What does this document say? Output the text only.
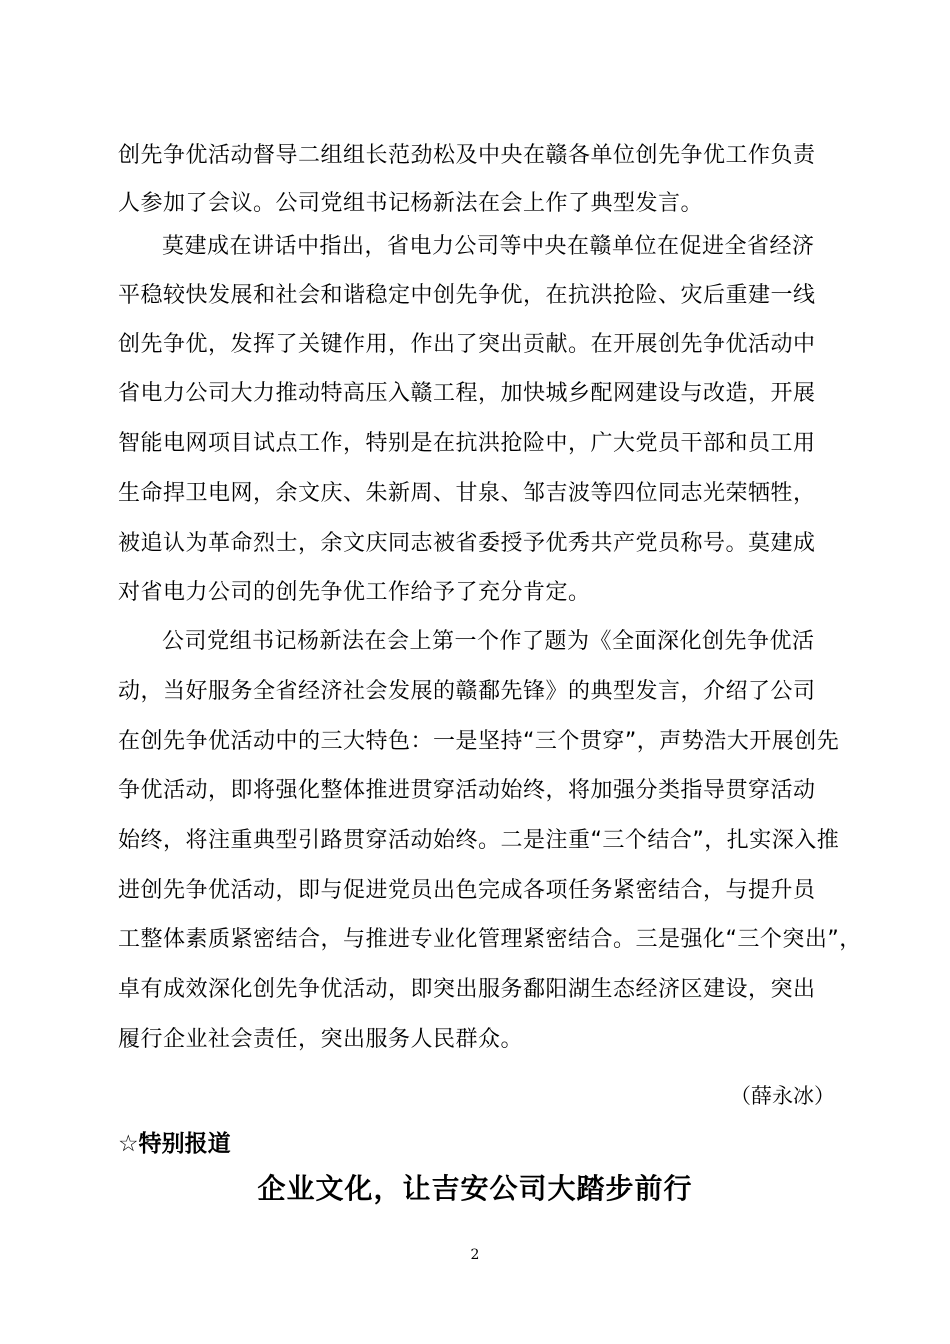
创先争优活动督导二组组长范劲松及中央在赣各单位创先争优工作负责
人参加了会议。公司党组书记杨新法在会上作了典型发言。
莫建成在讲话中指出，省电力公司等中央在赣单位在促进全省经济
平稳较快发展和社会和谐稳定中创先争优，在抗洪抢险、灾后重建一线
创先争优，发挥了关键作用，作出了突出贡献。在开展创先争优活动中
省电力公司大力推动特高压入赣工程，加快城乡配网建设与改造，开展
智能电网项目试点工作，特别是在抗洪抢险中，广大党员干部和员工用
生命捍卫电网，余文庆、朱新周、甘泉、邹吉波等四位同志光荣牺牲，
被追认为革命烈士，余文庆同志被省委授予优秀共产党员称号。莫建成
对省电力公司的创先争优工作给予了充分肯定。
公司党组书记杨新法在会上第一个作了题为《全面深化创先争优活
动，当好服务全省经济社会发展的赣鄱先锋》的典型发言，介绍了公司
在创先争优活动中的三大特色：一是坚持“三个贯穿”，声势浩大开展创先
争优活动，即将强化整体推进贯穿活动始终，将加强分类指导贯穿活动
始终，将注重典型引路贯穿活动始终。二是注重“三个结合”，扎实深入推
进创先争优活动，即与促进党员出色完成各项任务紧密结合，与提升员
工整体素质紧密结合，与推进专业化管理紧密结合。三是强化“三个突出”，
卓有成效深化创先争优活动，即突出服务鄱阳湖生态经济区建设，突出
履行企业社会责任，突出服务人民群众。
（薛永冰）
☆特别报道
企业文化，让吉安公司大踏步前行
2
